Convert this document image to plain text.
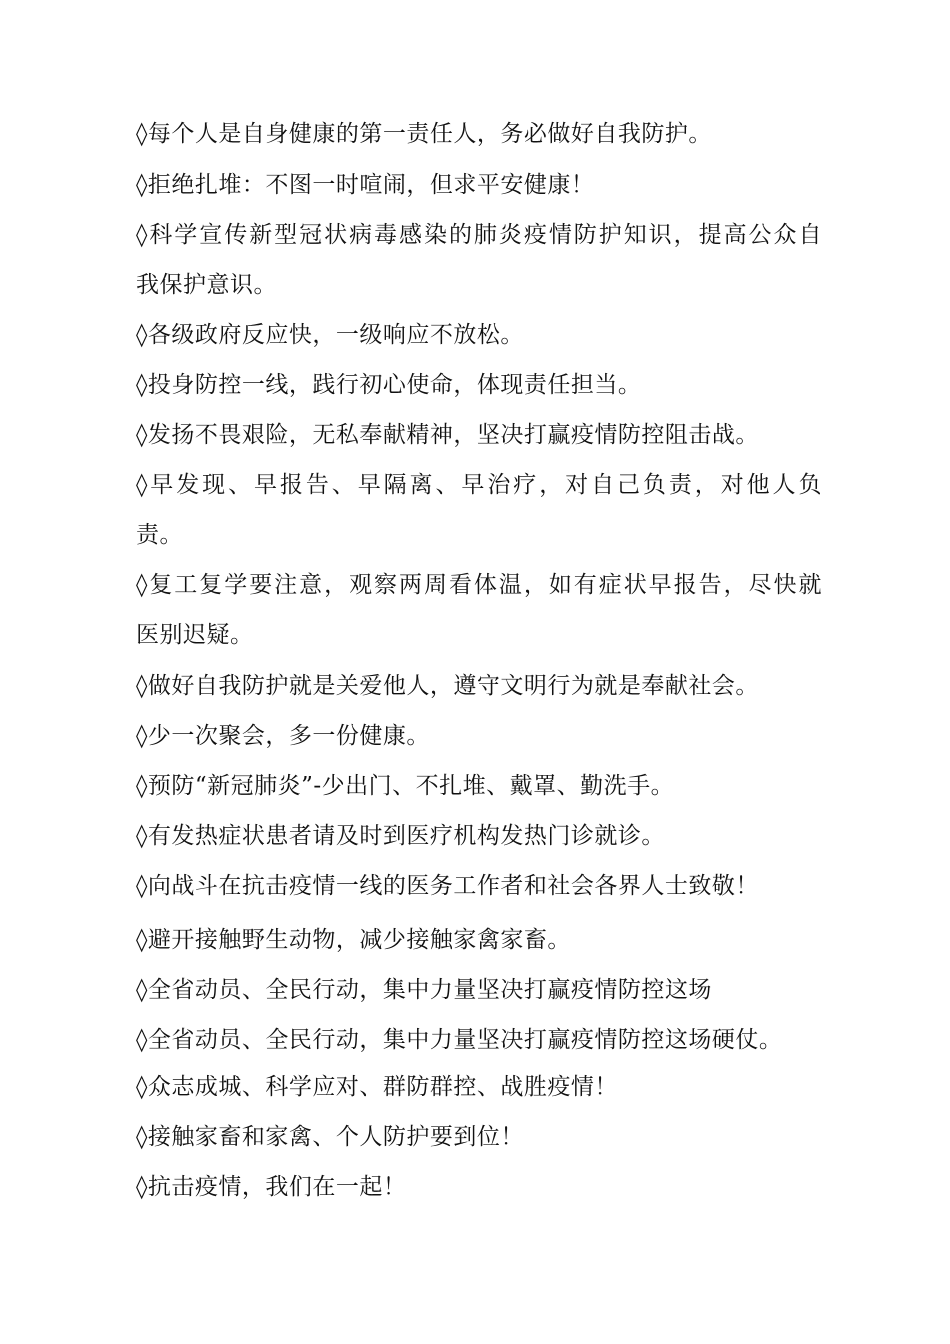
◊每个人是自身健康的第一责任人，务必做好自我防护。
◊拒绝扎堆：不图一时喧闹，但求平安健康！
◊科学宣传新型冠状病毒感染的肺炎疫情防护知识，提高公众自
我保护意识。
◊各级政府反应快，一级响应不放松。
◊投身防控一线，践行初心使命，体现责任担当。
◊发扬不畏艰险，无私奉献精神，坚决打赢疫情防控阻击战。
◊早发现、早报告、早隔离、早治疗，对自己负责，对他人负
责。
◊复工复学要注意，观察两周看体温，如有症状早报告，尽快就
医别迟疑。
◊做好自我防护就是关爱他人，遵守文明行为就是奉献社会。
◊少一次聚会，多一份健康。
◊预防“新冠肺炎”-少出门、不扎堆、戴罩、勤洗手。
◊有发热症状患者请及时到医疗机构发热门诊就诊。
◊向战斗在抗击疫情一线的医务工作者和社会各界人士致敬！
◊避开接触野生动物，减少接触家禽家畜。
◊全省动员、全民行动，集中力量坚决打赢疫情防控这场
◊全省动员、全民行动，集中力量坚决打赢疫情防控这场硬仗。
◊众志成城、科学应对、群防群控、战胜疫情！
◊接触家畜和家禽、个人防护要到位！
◊抗击疫情，我们在一起！
